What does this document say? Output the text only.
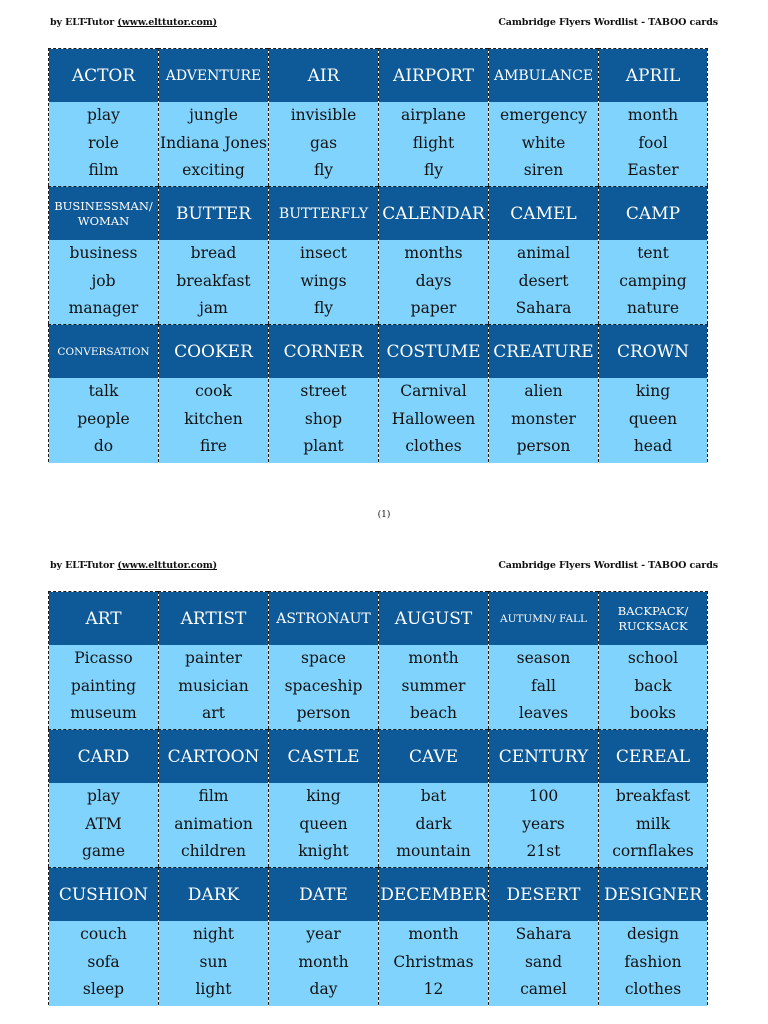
by ELT-Tutor (www.elttutor.com)	Cambridge Flyers Wordlist - TABOO cards
ACTOR
play
role
film
ADVENTURE
jungle
Indiana Jones
exciting
AIR
invisible
gas
fly
AIRPORT
airplane
flight
fly
AMBULANCE
emergency
white
siren
APRIL
month
fool
Easter
BUSINESSMAN/ WOMAN
business
job
manager
BUTTER
bread
breakfast
jam
BUTTERFLY
insect
wings
fly
CALENDAR
months
days
paper
CAMEL
animal
desert
Sahara
CAMP
tent
camping
nature
CONVERSATION
talk
people
do
COOKER
cook
kitchen
fire
CORNER
street
shop
plant
COSTUME
Carnival
Halloween
clothes
CREATURE
alien
monster
person
CROWN
king
queen
head
(1)
by ELT-Tutor (www.elttutor.com)	Cambridge Flyers Wordlist - TABOO cards
ART
Picasso
painting
museum
ARTIST
painter
musician
art
ASTRONAUT
space
spaceship
person
AUGUST
month
summer
beach
AUTUMN/ FALL
season
fall
leaves
BACKPACK/ RUCKSACK
school
back
books
CARD
play
ATM
game
CARTOON
film
animation
children
CASTLE
king
queen
knight
CAVE
bat
dark
mountain
CENTURY
100
years
21st
CEREAL
breakfast
milk
cornflakes
CUSHION
couch
sofa
sleep
DARK
night
sun
light
DATE
year
month
day
DECEMBER
month
Christmas
12
DESERT
Sahara
sand
camel
DESIGNER
design
fashion
clothes
